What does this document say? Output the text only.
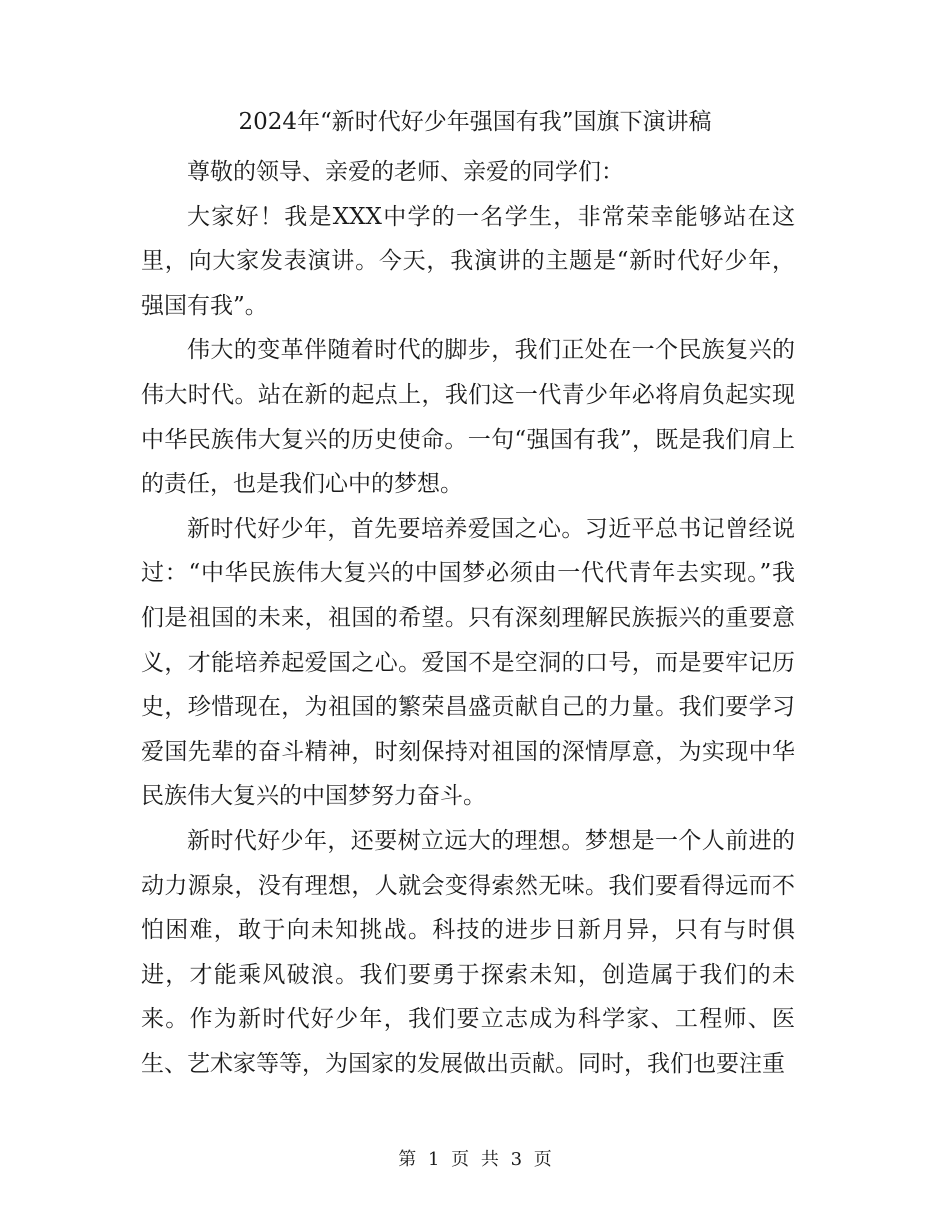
2024年“新时代好少年强国有我”国旗下演讲稿

尊敬的领导、亲爱的老师、亲爱的同学们：

大家好！我是XXX中学的一名学生，非常荣幸能够站在这里，向大家发表演讲。今天，我演讲的主题是“新时代好少年，强国有我”。

伟大的变革伴随着时代的脚步，我们正处在一个民族复兴的伟大时代。站在新的起点上，我们这一代青少年必将肩负起实现中华民族伟大复兴的历史使命。一句“强国有我”，既是我们肩上的责任，也是我们心中的梦想。

新时代好少年，首先要培养爱国之心。习近平总书记曾经说过：“中华民族伟大复兴的中国梦必须由一代代青年去实现。”我们是祖国的未来，祖国的希望。只有深刻理解民族振兴的重要意义，才能培养起爱国之心。爱国不是空洞的口号，而是要牢记历史，珍惜现在，为祖国的繁荣昌盛贡献自己的力量。我们要学习爱国先辈的奋斗精神，时刻保持对祖国的深情厚意，为实现中华民族伟大复兴的中国梦努力奋斗。

新时代好少年，还要树立远大的理想。梦想是一个人前进的动力源泉，没有理想，人就会变得索然无味。我们要看得远而不怕困难，敢于向未知挑战。科技的进步日新月异，只有与时俱进，才能乘风破浪。我们要勇于探索未知，创造属于我们的未来。作为新时代好少年，我们要立志成为科学家、工程师、医生、艺术家等等，为国家的发展做出贡献。同时，我们也要注重

第 1 页 共 3 页
